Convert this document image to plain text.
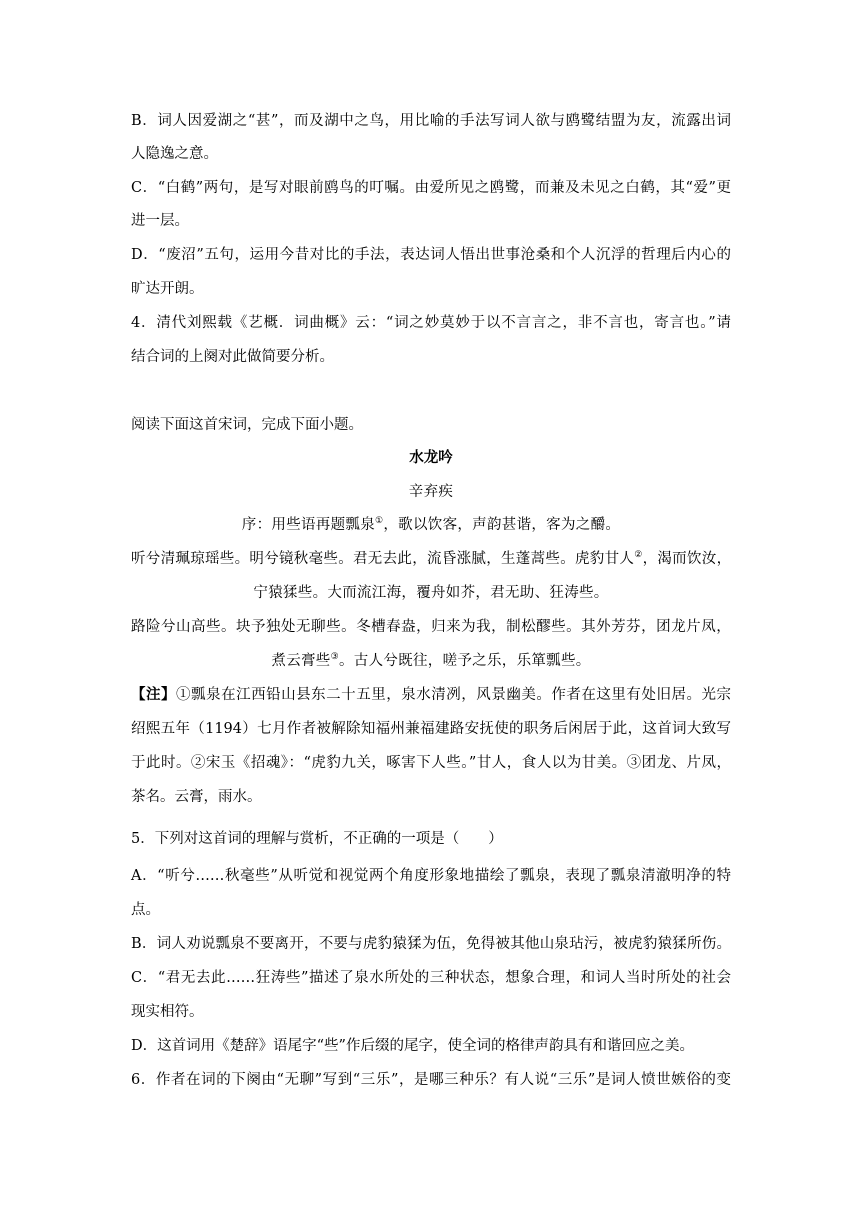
B．词人因爱湖之“甚”，而及湖中之鸟，用比喻的手法写词人欲与鸥鹭结盟为友，流露出词
人隐逸之意。
C．“白鹤”两句，是写对眼前鸥鸟的叮嘱。由爱所见之鸥鹭，而兼及未见之白鹤，其“爱”更
进一层。
D．“废沼”五句，运用今昔对比的手法，表达词人悟出世事沧桑和个人沉浮的哲理后内心的
旷达开朗。
4．清代刘熙载《艺概．词曲概》云：“词之妙莫妙于以不言言之，非不言也，寄言也。”请
结合词的上阕对此做简要分析。
阅读下面这首宋词，完成下面小题。
水龙吟
辛弃疾
序：用些语再题瓢泉①，歌以饮客，声韵甚谐，客为之釂。
听兮清珮琼瑶些。明兮镜秋毫些。君无去此，流昏涨腻，生蓬蒿些。虎豹甘人②，渴而饮汝，
宁猿猱些。大而流江海，覆舟如芥，君无助、狂涛些。
路险兮山高些。块予独处无聊些。冬槽春盎，归来为我，制松醪些。其外芳芬，团龙片凤，
煮云膏些③。古人兮既往，嗟予之乐，乐箪瓢些。
【注】①瓢泉在江西铅山县东二十五里，泉水清冽，风景幽美。作者在这里有处旧居。光宗
绍熙五年（1194）七月作者被解除知福州兼福建路安抚使的职务后闲居于此，这首词大致写
于此时。②宋玉《招魂》：“虎豹九关，啄害下人些。”甘人，食人以为甘美。③团龙、片凤，
茶名。云膏，雨水。
5．下列对这首词的理解与赏析，不正确的一项是（　　）
A．“听兮……秋毫些”从听觉和视觉两个角度形象地描绘了瓢泉，表现了瓢泉清澈明净的特
点。
B．词人劝说瓢泉不要离开，不要与虎豹猿猱为伍，免得被其他山泉玷污，被虎豹猿猱所伤。
C．“君无去此……狂涛些”描述了泉水所处的三种状态，想象合理，和词人当时所处的社会
现实相符。
D．这首词用《楚辞》语尾字“些”作后缀的尾字，使全词的格律声韵具有和谐回应之美。
6．作者在词的下阕由“无聊”写到“三乐”，是哪三种乐？有人说“三乐”是词人愤世嫉俗的变
